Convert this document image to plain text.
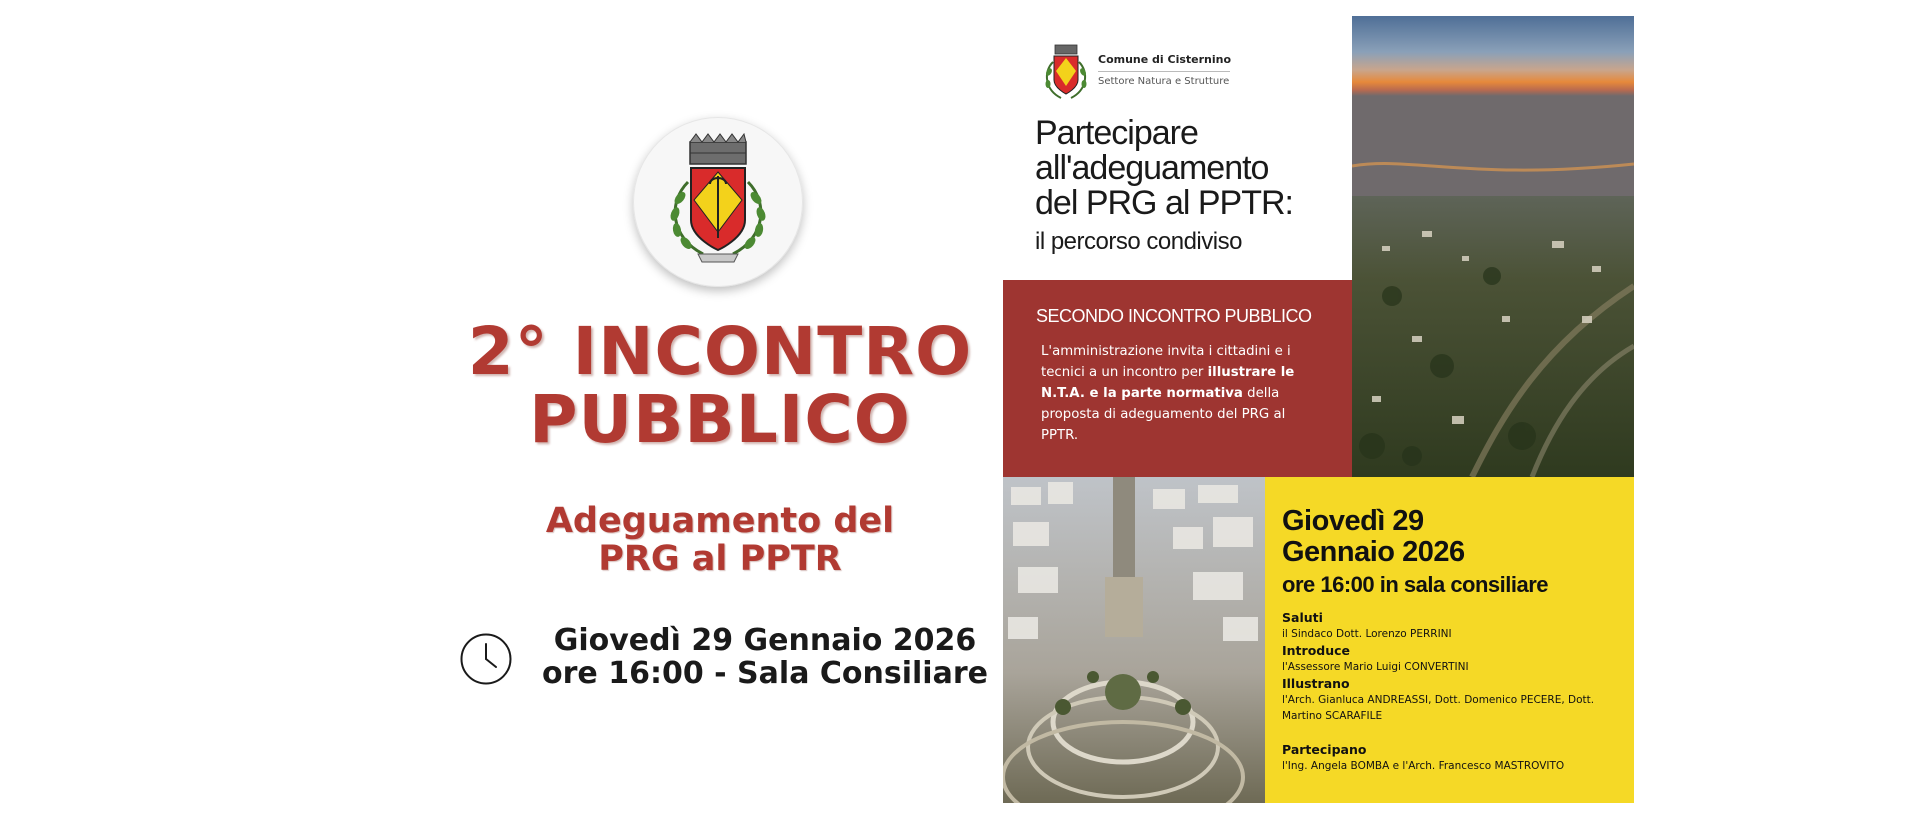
2° INCONTRO
PUBBLICO
Adeguamento del
PRG al PPTR
Giovedì 29 Gennaio 2026
ore 16:00 - Sala Consiliare
Comune di Cisternino
Settore Natura e Strutture
Partecipare
all'adeguamento
del PRG al PPTR:
il percorso condiviso
SECONDO INCONTRO PUBBLICO
L'amministrazione invita i cittadini e i tecnici a un incontro per illustrare le N.T.A. e la parte normativa della proposta di adeguamento del PRG al PPTR.
Giovedì 29
Gennaio 2026
ore 16:00 in sala consiliare
Saluti
il Sindaco Dott. Lorenzo PERRINI
Introduce
l'Assessore Mario Luigi CONVERTINI
Illustrano
l'Arch. Gianluca ANDREASSI, Dott. Domenico PECERE, Dott. Martino SCARAFILE
Partecipano
l'Ing. Angela BOMBA e l'Arch. Francesco MASTROVITO
